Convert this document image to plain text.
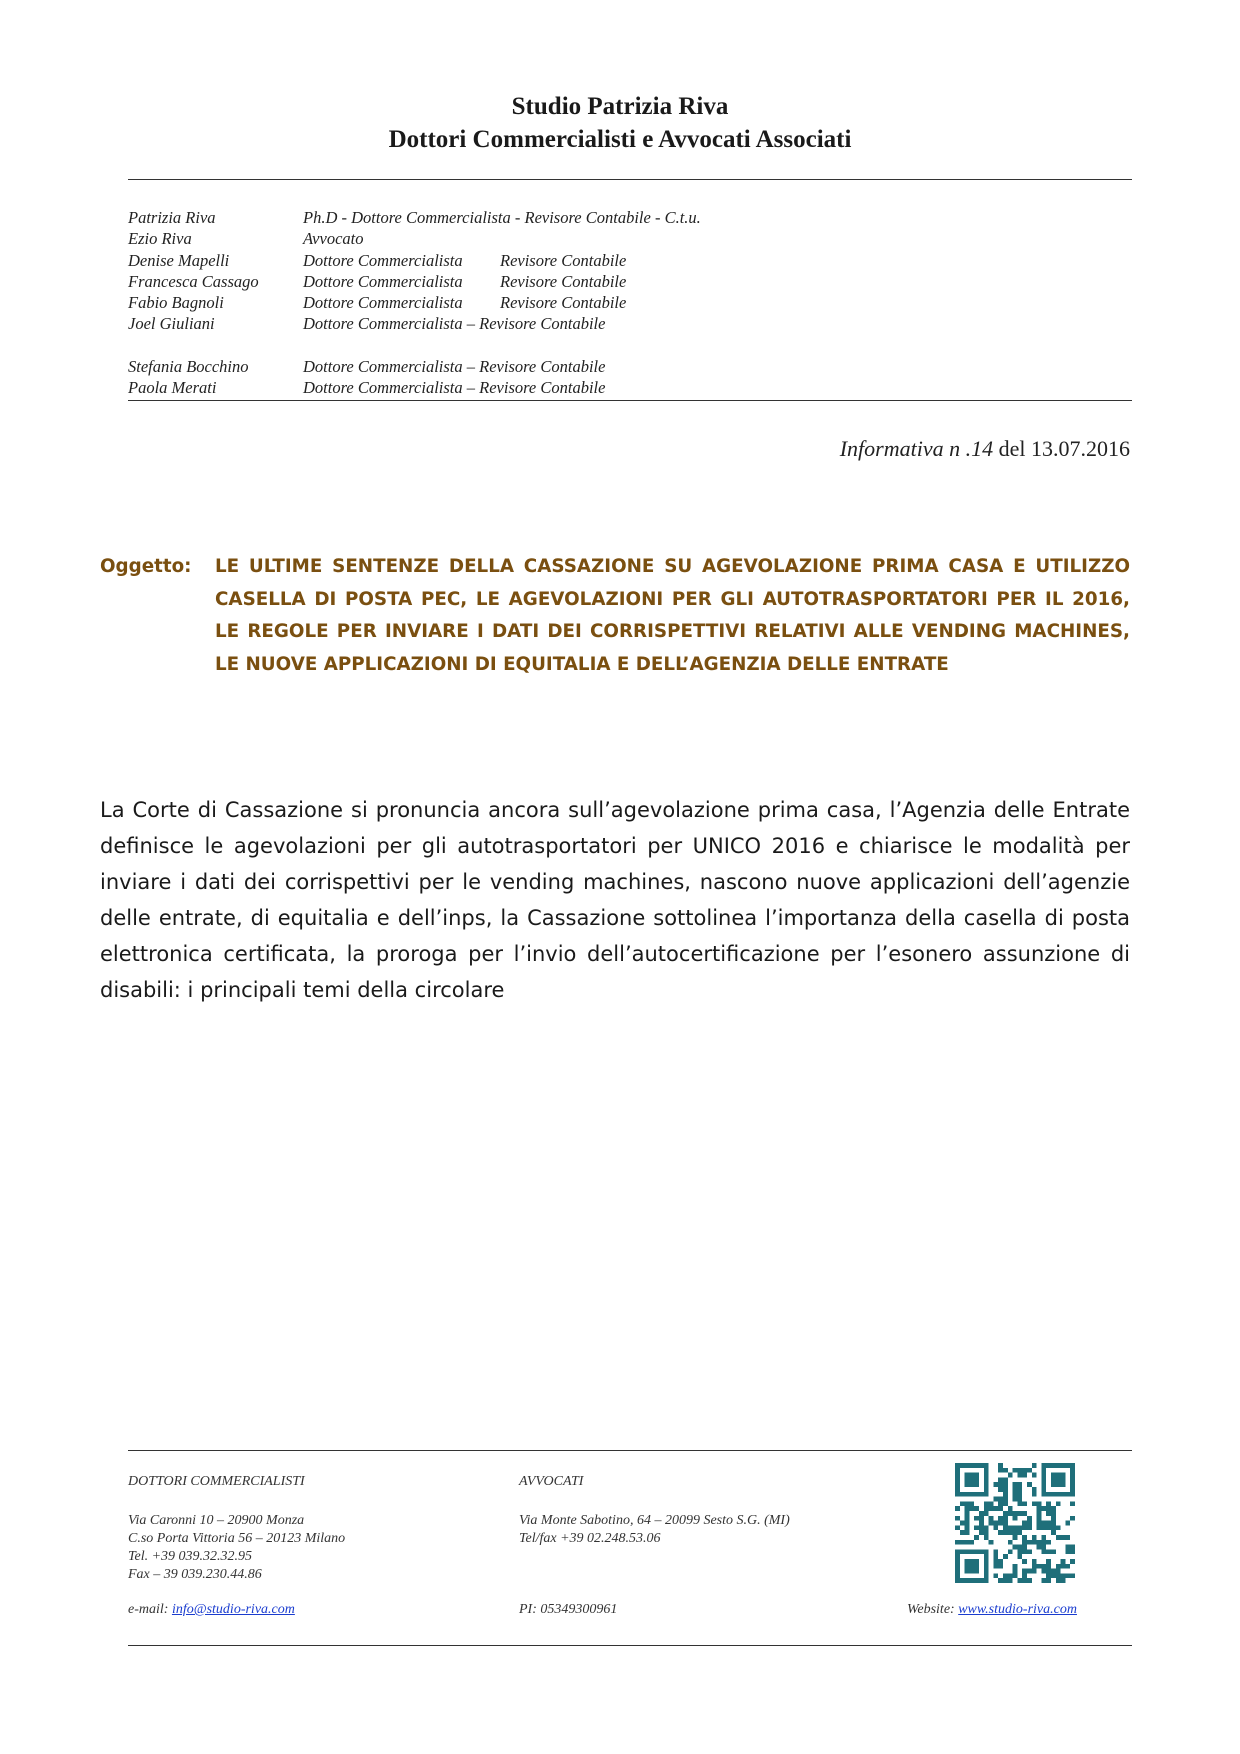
Studio Patrizia Riva
Dottori Commercialisti e Avvocati Associati
Patrizia Riva	Ph.D - Dottore Commercialista - Revisore Contabile - C.t.u.
Ezio Riva	Avvocato
Denise Mapelli	Dottore Commercialista Revisore Contabile
Francesca Cassago	Dottore Commercialista Revisore Contabile
Fabio Bagnoli	Dottore Commercialista Revisore Contabile
Joel Giuliani	Dottore Commercialista – Revisore Contabile
Stefania Bocchino	Dottore Commercialista – Revisore Contabile
Paola Merati	Dottore Commercialista – Revisore Contabile
Informativa n .14 del 13.07.2016
Oggetto: LE ULTIME SENTENZE DELLA CASSAZIONE SU AGEVOLAZIONE PRIMA CASA E UTILIZZO CASELLA DI POSTA PEC, LE AGEVOLAZIONI PER GLI AUTOTRASPORTATORI PER IL 2016, LE REGOLE PER INVIARE I DATI DEI CORRISPETTIVI RELATIVI ALLE VENDING MACHINES, LE NUOVE APPLICAZIONI DI EQUITALIA E DELL’AGENZIA DELLE ENTRATE
La Corte di Cassazione si pronuncia ancora sull’agevolazione prima casa, l’Agenzia delle Entrate definisce le agevolazioni per gli autotrasportatori per UNICO 2016 e chiarisce le modalità per inviare i dati dei corrispettivi per le vending machines, nascono nuove applicazioni dell’agenzie delle entrate, di equitalia e dell’inps, la Cassazione sottolinea l’importanza della casella di posta elettronica certificata, la proroga per l’invio dell’autocertificazione per l’esonero assunzione di disabili: i principali temi della circolare
DOTTORI COMMERCIALISTI
Via Caronni 10 – 20900 Monza
C.so Porta Vittoria 56 – 20123 Milano
Tel. +39 039.32.32.95
Fax – 39 039.230.44.86
AVVOCATI
Via Monte Sabotino, 64 – 20099 Sesto S.G. (MI)
Tel/fax +39 02.248.53.06
e-mail: info@studio-riva.com	PI: 05349300961	Website: www.studio-riva.com
